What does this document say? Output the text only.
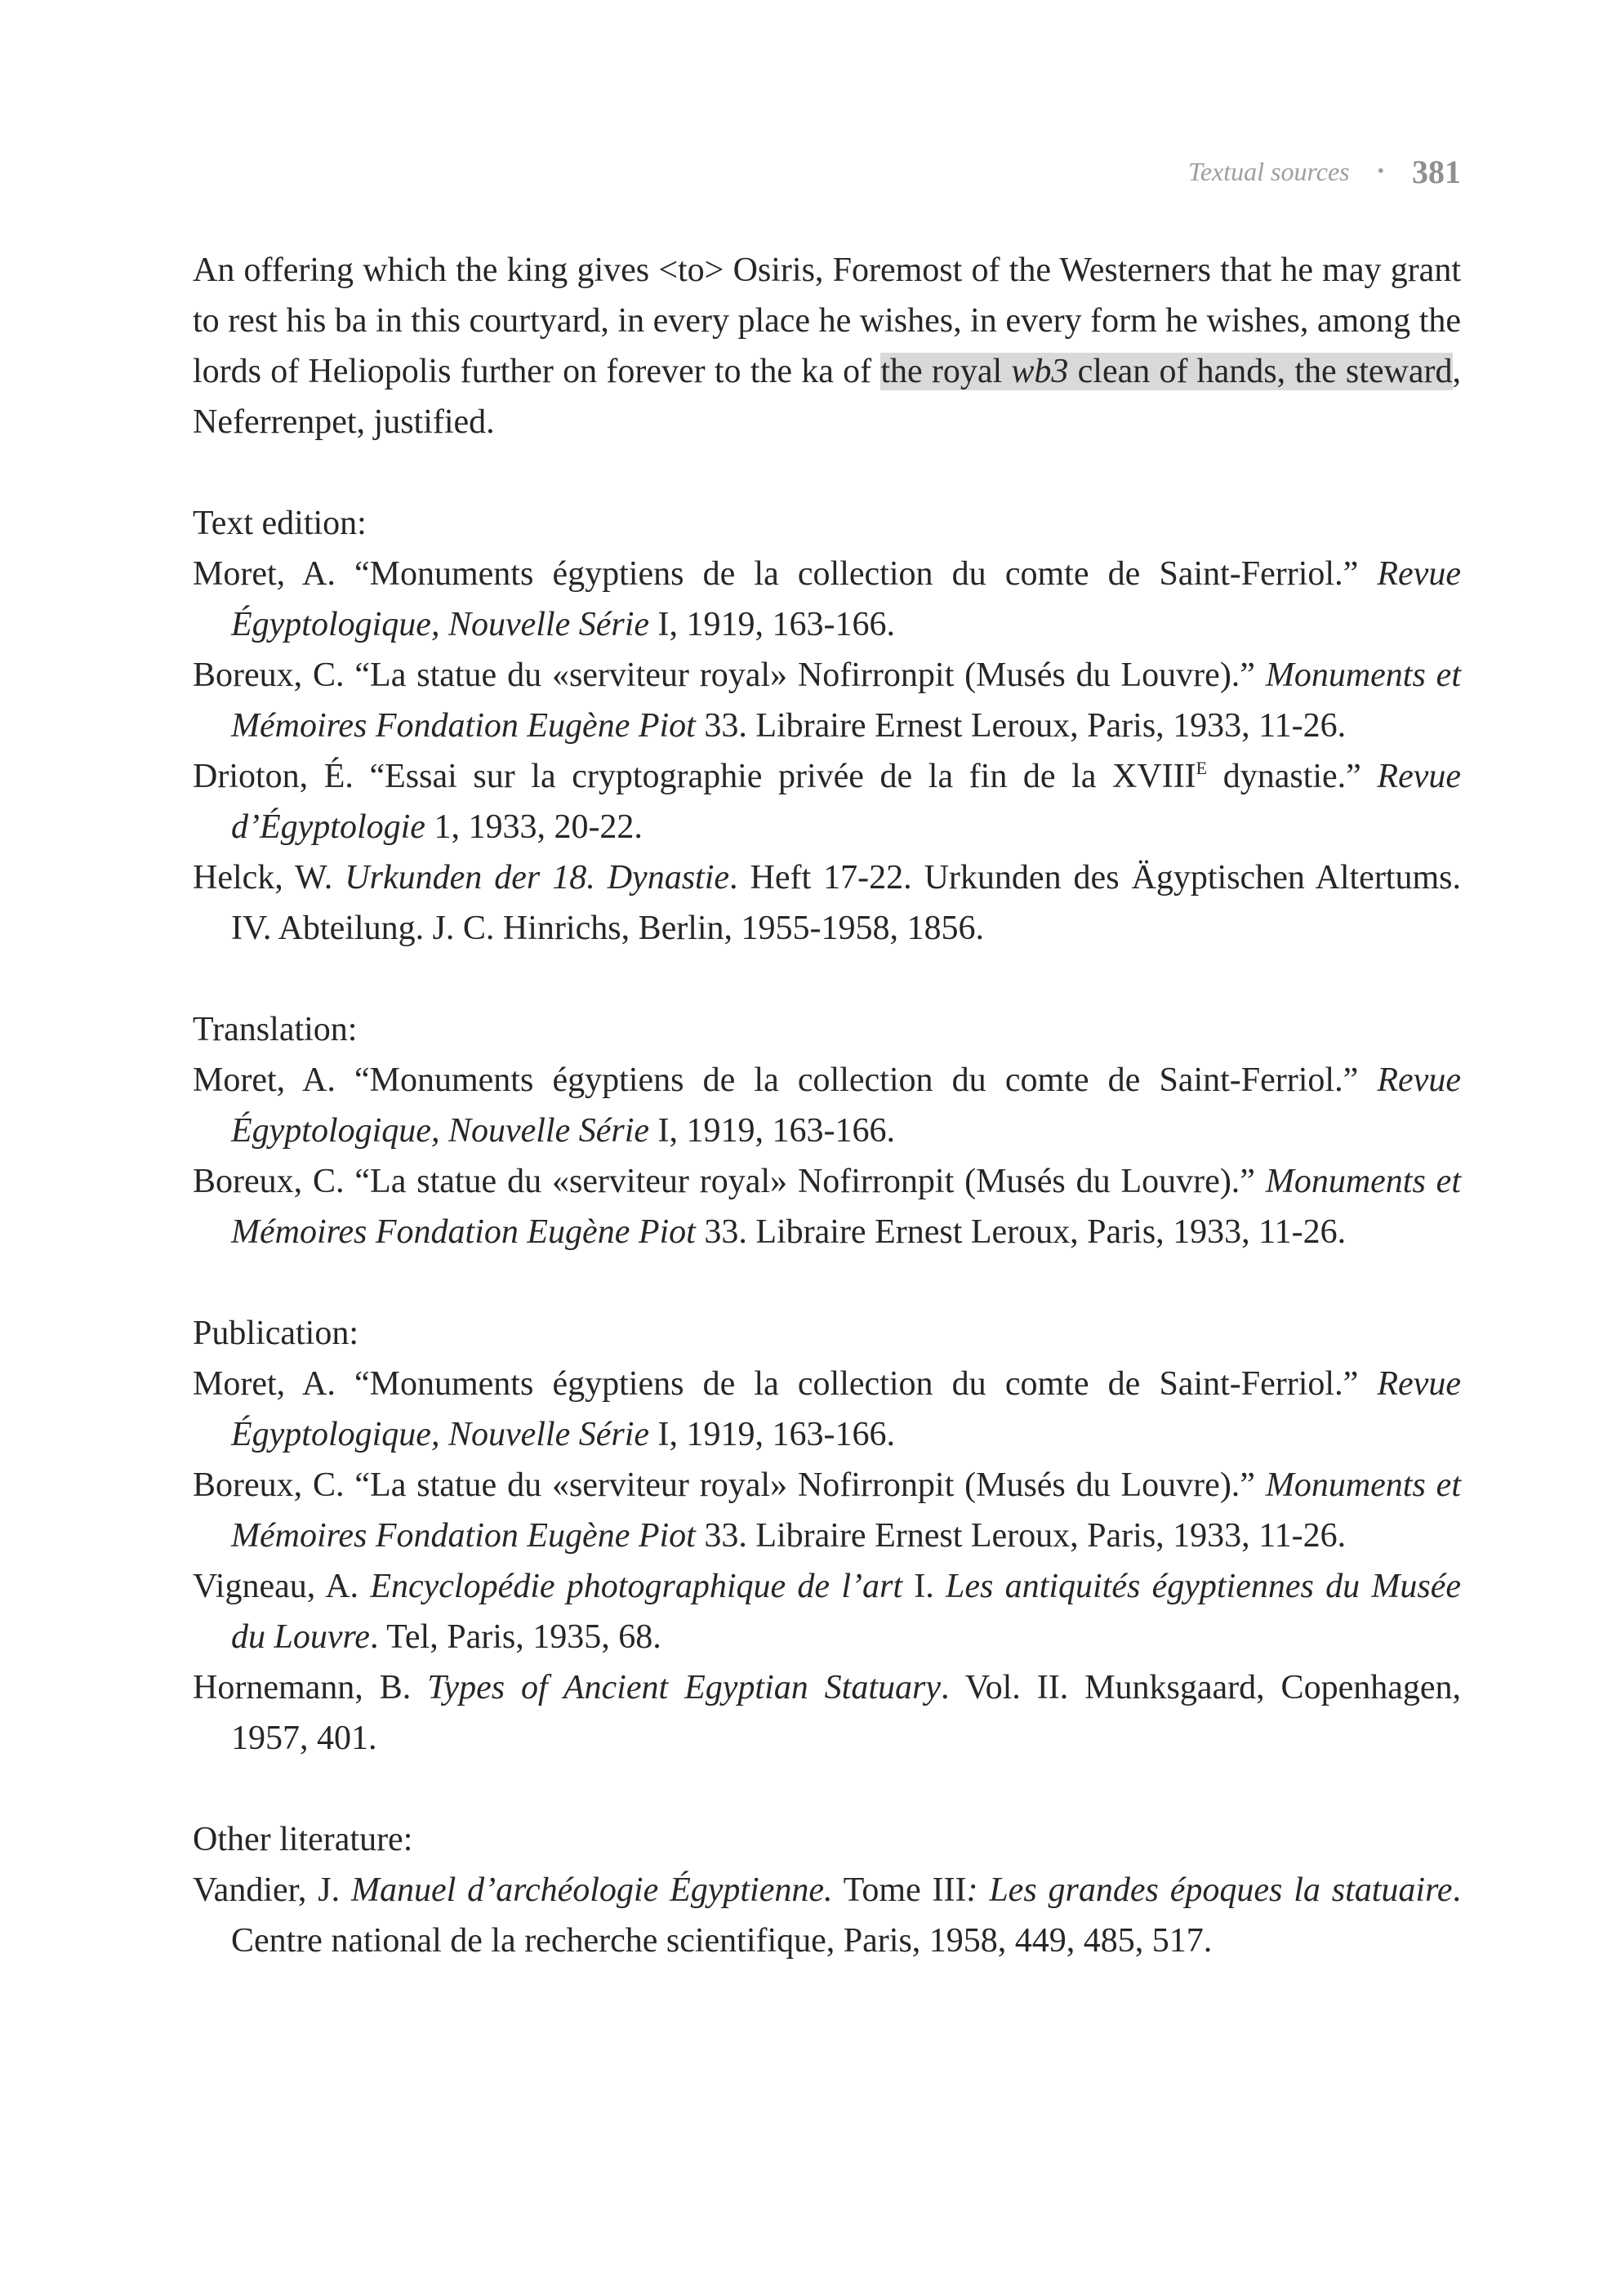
Textual sources	• 381

An offering which the king gives <to> Osiris, Foremost of the Westerners that he may grant to rest his ba in this courtyard, in every place he wishes, in every form he wishes, among the lords of Heliopolis further on forever to the ka of the royal wb3 clean of hands, the steward, Neferrenpet, justified.

Text edition:

Moret, A. “Monuments égyptiens de la collection du comte de Saint-Ferriol.” Revue Égyptologique, Nouvelle Série I, 1919, 163-166.

Boreux, C. “La statue du «serviteur royal» Nofirronpit (Musés du Louvre).” Monuments et Mémoires Fondation Eugène Piot 33. Libraire Ernest Leroux, Paris, 1933, 11-26.

Drioton, É. “Essai sur la cryptographie privée de la fin de la $XVIII^E$ dynastie.” Revue d’Égyptologie 1, 1933, 20-22.

Helck, W. Urkunden der 18. Dynastie. Heft 17-22. Urkunden des Ägyptischen Altertums. IV. Abteilung. J. C. Hinrichs, Berlin, 1955-1958, 1856.

Translation:

Moret, A. “Monuments égyptiens de la collection du comte de Saint-Ferriol.” Revue Égyptologique, Nouvelle Série I, 1919, 163-166.

Boreux, C. “La statue du «serviteur royal» Nofirronpit (Musés du Louvre).” Monuments et Mémoires Fondation Eugène Piot 33. Libraire Ernest Leroux, Paris, 1933, 11-26.

Publication:

Moret, A. “Monuments égyptiens de la collection du comte de Saint-Ferriol.” Revue Égyptologique, Nouvelle Série I, 1919, 163-166.

Boreux, C. “La statue du «serviteur royal» Nofirronpit (Musés du Louvre).” Monuments et Mémoires Fondation Eugène Piot 33. Libraire Ernest Leroux, Paris, 1933, 11-26.

Vigneau, A. Encyclopédie photographique de l’art I. Les antiquités égyptiennes du Musée du Louvre. Tel, Paris, 1935, 68.

Hornemann, B. Types of Ancient Egyptian Statuary. Vol. II. Munksgaard, Copenhagen, 1957, 401.

Other literature:

Vandier, J. Manuel d’archéologie Égyptienne. Tome III: Les grandes époques la statuaire. Centre national de la recherche scientifique, Paris, 1958, 449, 485, 517.
